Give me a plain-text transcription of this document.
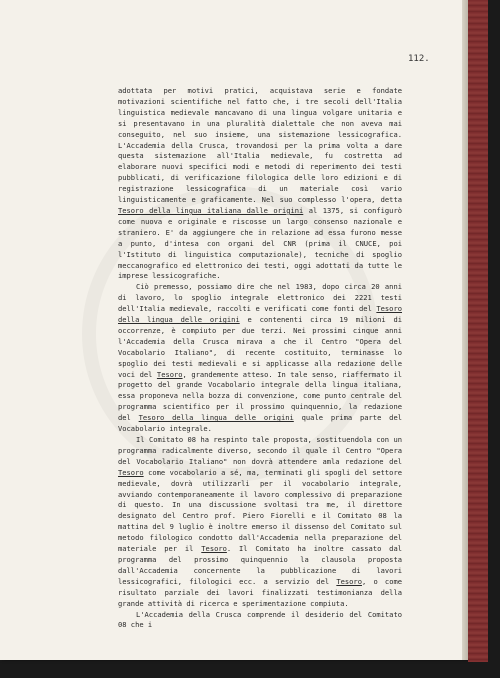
112.

adottata per motivi pratici, acquistava serie e fondate motivazioni scientifiche nel fatto che, i tre secoli dell'Italia linguistica medievale mancavano di una lingua volgare unitaria e si presentavano in una pluralità dialettale che non aveva mai conseguito, nel suo insieme, una sistemazione lessicografica. L'Accademia della Crusca, trovandosi per la prima volta a dare questa sistemazione all'Italia medievale, fu costretta ad elaborare nuovi specifici modi e metodi di reperimento dei testi pubblicati, di verificazione filologica delle loro edizioni e di registrazione lessicografica di un materiale così vario linguisticamente e graficamente. Nel suo complesso l'opera, detta Tesoro della lingua italiana dalle origini al 1375, si configurò come nuova e originale e riscosse un largo consenso nazionale e straniero. E' da aggiungere che in relazione ad essa furono messe a punto, d'intesa con organi del CNR (prima il CNUCE, poi l'Istituto di linguistica computazionale), tecniche di spoglio meccanografico ed elettronico dei testi, oggi adottati da tutte le imprese lessicografiche.

Ciò premesso, possiamo dire che nel 1983, dopo circa 20 anni di lavoro, lo spoglio integrale elettronico dei 2221 testi dell'Italia medievale, raccolti e verificati come fonti del Tesoro della lingua delle origini e contenenti circa 19 milioni di occorrenze, è compiuto per due terzi. Nei prossimi cinque anni l'Accademia della Crusca mirava a che il Centro "Opera del Vocabolario Italiano", di recente costituito, terminasse lo spoglio dei testi medievali e si applicasse alla redazione delle voci del Tesoro, grandemente atteso. In tale senso, riaffermato il progetto del grande Vocabolario integrale della lingua italiana, essa proponeva nella bozza di convenzione, come punto centrale del programma scientifico per il prossimo quinquennio, la redazione del Tesoro della lingua delle origini quale prima parte del Vocabolario integrale.

Il Comitato 08 ha respinto tale proposta, sostituendola con un programma radicalmente diverso, secondo il quale il Centro "Opera del Vocabolario Italiano" non dovrà attendere amla redazione del Tesoro come vocabolario a sé, ma, terminati gli spogli del settore medievale, dovrà utilizzarli per il vocabolario integrale, avviando contemporaneamente il lavoro complessivo di preparazione di questo. In una discussione svoltasi tra me, il direttore designato del Centro prof. Piero Fiorelli e il Comitato 08 la mattina del 9 luglio è inoltre emerso il dissenso del Comitato sul metodo filologico condotto dall'Accademia nella preparazione del materiale per il Tesoro. Il Comitato ha inoltre cassato dal programma del prossimo quinquennio la clausola proposta dall'Accademia concernente la pubblicazione di lavori lessicografici, filologici ecc. a servizio del Tesoro, o come risultato parziale dei lavori finalizzati testimonianza della grande attività di ricerca e sperimentazione compiuta.

L'Accademia della Crusca comprende il desiderio del Comitato 08 che i
